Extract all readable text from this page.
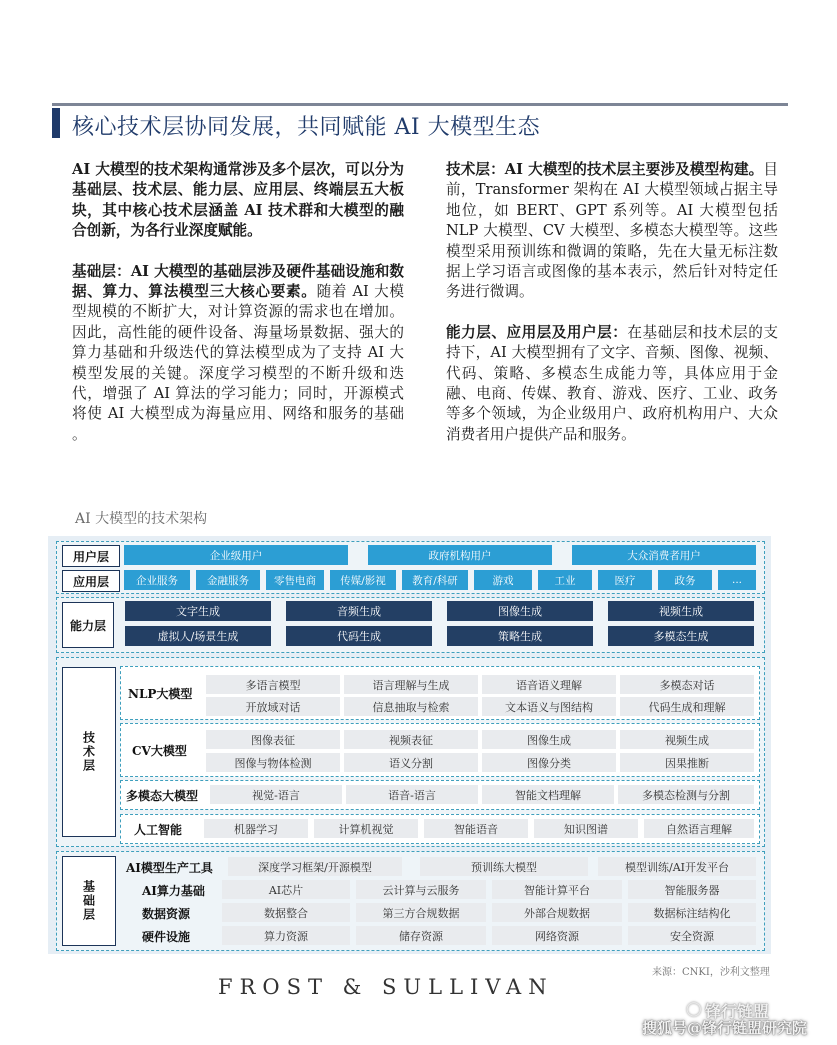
核心技术层协同发展，共同赋能 AI 大模型生态

AI 大模型的技术架构通常涉及多个层次，可以分为基础层、技术层、能力层、应用层、终端层五大板块，其中核心技术层涵盖 AI 技术群和大模型的融合创新，为各行业深度赋能。

基础层：AI 大模型的基础层涉及硬件基础设施和数据、算力、算法模型三大核心要素。随着 AI 大模型规模的不断扩大，对计算资源的需求也在增加。因此，高性能的硬件设备、海量场景数据、强大的算力基础和升级迭代的算法模型成为了支持 AI 大模型发展的关键。深度学习模型的不断升级和迭代，增强了 AI 算法的学习能力；同时，开源模式将使 AI 大模型成为海量应用、网络和服务的基础 。

技术层：AI 大模型的技术层主要涉及模型构建。目前，Transformer 架构在 AI 大模型领域占据主导地位，如 BERT、GPT 系列等。AI 大模型包括 NLP 大模型、CV 大模型、多模态大模型等。这些模型采用预训练和微调的策略，先在大量无标注数据上学习语言或图像的基本表示，然后针对特定任务进行微调。

能力层、应用层及用户层：在基础层和技术层的支持下，AI 大模型拥有了文字、音频、图像、视频、代码、策略、多模态生成能力等，具体应用于金融、电商、传媒、教育、游戏、医疗、工业、政务等多个领域，为企业级用户、政府机构用户、大众消费者用户提供产品和服务。

AI 大模型的技术架构
用户层	企业级用户	政府机构用户	大众消费者用户
应用层	企业服务	金融服务	零售电商	传媒/影视	教育/科研	游戏	工业	医疗	政务	...
能力层
文字生成	音频生成	图像生成	视频生成
虚拟人/场景生成	代码生成	策略生成	多模态生成
技术层
NLP大模型
多语言模型	语言理解与生成	语音语义理解	多模态对话
开放域对话	信息抽取与检索	文本语义与图结构	代码生成和理解
CV大模型
图像表征	视频表征	图像生成	视频生成
图像与物体检测	语义分割	图像分类	因果推断
多模态大模型	视觉-语言	语音-语言	智能文档理解	多模态检测与分割
人工智能	机器学习	计算机视觉	智能语音	知识图谱	自然语言理解
基础层
AI模型生产工具	深度学习框架/开源模型	预训练大模型	模型训练/AI开发平台
AI算力基础	AI芯片	云计算与云服务	智能计算平台	智能服务器
数据资源	数据整合	第三方合规数据	外部合规数据	数据标注结构化
硬件设施	算力资源	储存资源	网络资源	安全资源
来源：CNKI，沙利文整理
FROST & SULLIVAN
◯ 锋行链盟
搜狐号@锋行链盟研究院
